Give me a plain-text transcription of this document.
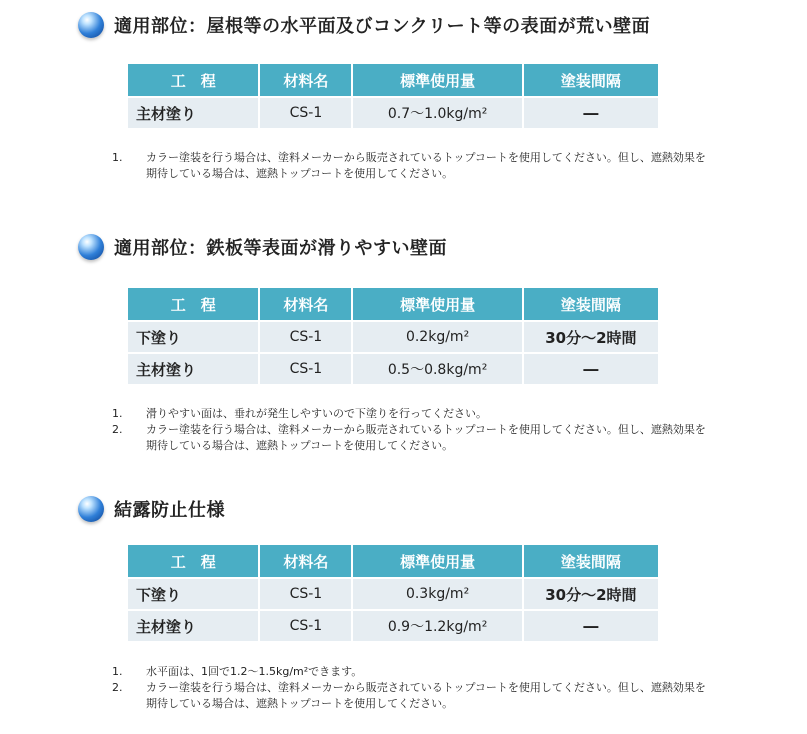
適用部位：屋根等の水平面及びコンクリート等の表面が荒い壁面
工　程	材料名	標準使用量	塗装間隔
主材塗り	CS-1	0.7～1.0kg/m²	―
1. カラー塗装を行う場合は、塗料メーカーから販売されているトップコートを使用してください。但し、遮熱効果を期待している場合は、遮熱トップコートを使用してください。
適用部位：鉄板等表面が滑りやすい壁面
工　程	材料名	標準使用量	塗装間隔
下塗り	CS-1	0.2kg/m²	30分～2時間
主材塗り	CS-1	0.5～0.8kg/m²	―
1. 滑りやすい面は、垂れが発生しやすいので下塗りを行ってください。
2. カラー塗装を行う場合は、塗料メーカーから販売されているトップコートを使用してください。但し、遮熱効果を期待している場合は、遮熱トップコートを使用してください。
結露防止仕様
工　程	材料名	標準使用量	塗装間隔
下塗り	CS-1	0.3kg/m²	30分～2時間
主材塗り	CS-1	0.9～1.2kg/m²	―
1. 水平面は、1回で1.2～1.5kg/m²できます。
2. カラー塗装を行う場合は、塗料メーカーから販売されているトップコートを使用してください。但し、遮熱効果を期待している場合は、遮熱トップコートを使用してください。
